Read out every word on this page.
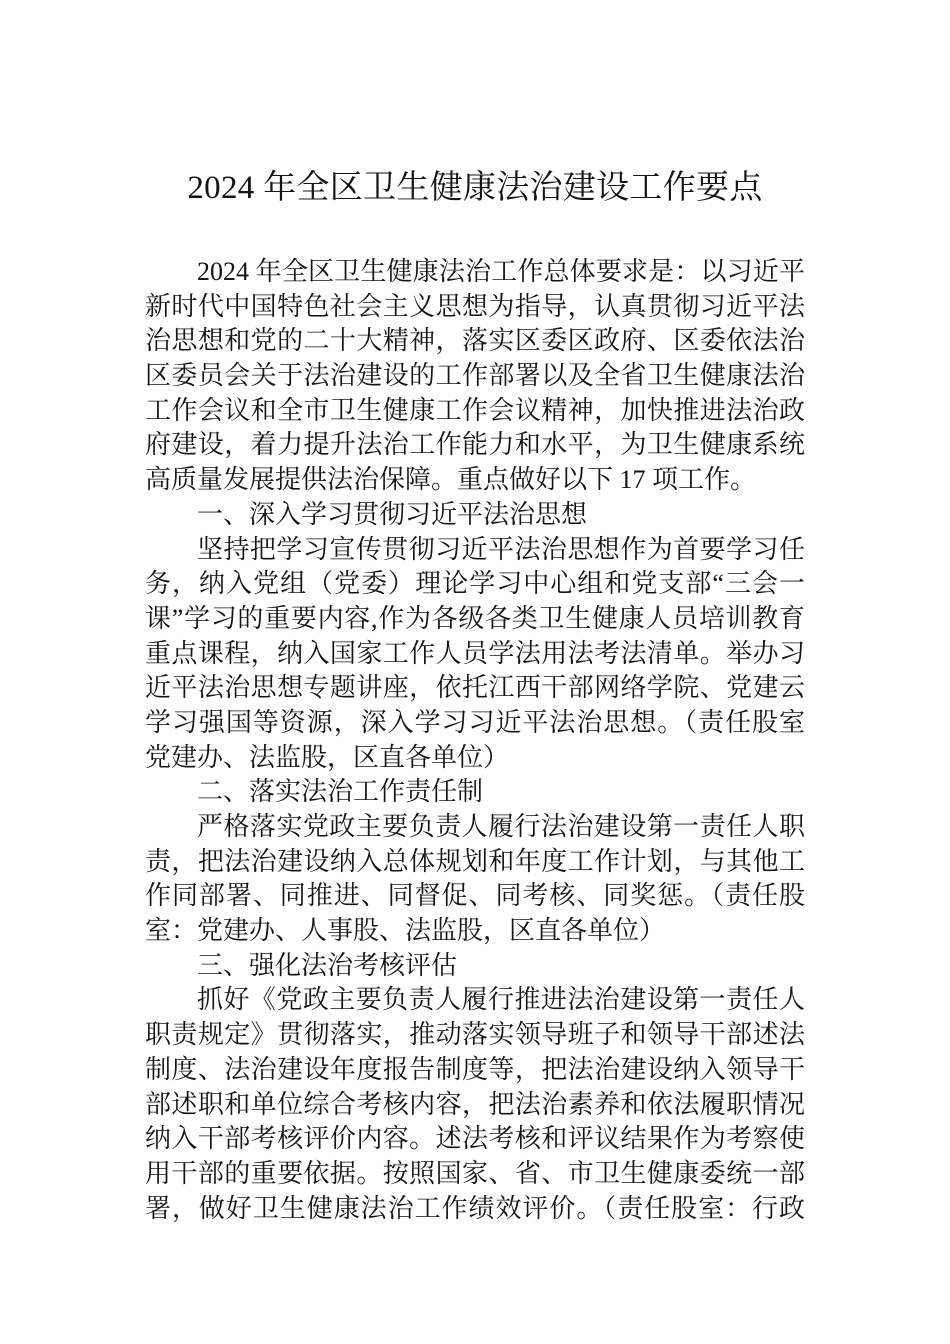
2024 年全区卫生健康法治建设工作要点
2024 年全区卫生健康法治工作总体要求是：以习近平
新时代中国特色社会主义思想为指导，认真贯彻习近平法
治思想和党的二十大精神，落实区委区政府、区委依法治
区委员会关于法治建设的工作部署以及全省卫生健康法治
工作会议和全市卫生健康工作会议精神，加快推进法治政
府建设，着力提升法治工作能力和水平，为卫生健康系统
高质量发展提供法治保障。重点做好以下 17 项工作。
一、深入学习贯彻习近平法治思想
坚持把学习宣传贯彻习近平法治思想作为首要学习任
务，纳入党组（党委）理论学习中心组和党支部“三会一
课”学习的重要内容,作为各级各类卫生健康人员培训教育
重点课程，纳入国家工作人员学法用法考法清单。举办习
近平法治思想专题讲座，依托江西干部网络学院、党建云
学习强国等资源，深入学习习近平法治思想。（责任股室
党建办、法监股，区直各单位）
二、落实法治工作责任制
严格落实党政主要负责人履行法治建设第一责任人职
责，把法治建设纳入总体规划和年度工作计划，与其他工
作同部署、同推进、同督促、同考核、同奖惩。（责任股
室：党建办、人事股、法监股，区直各单位）
三、强化法治考核评估
抓好《党政主要负责人履行推进法治建设第一责任人
职责规定》贯彻落实，推动落实领导班子和领导干部述法
制度、法治建设年度报告制度等，把法治建设纳入领导干
部述职和单位综合考核内容，把法治素养和依法履职情况
纳入干部考核评价内容。述法考核和评议结果作为考察使
用干部的重要依据。按照国家、省、市卫生健康委统一部
署，做好卫生健康法治工作绩效评价。（责任股室：行政
